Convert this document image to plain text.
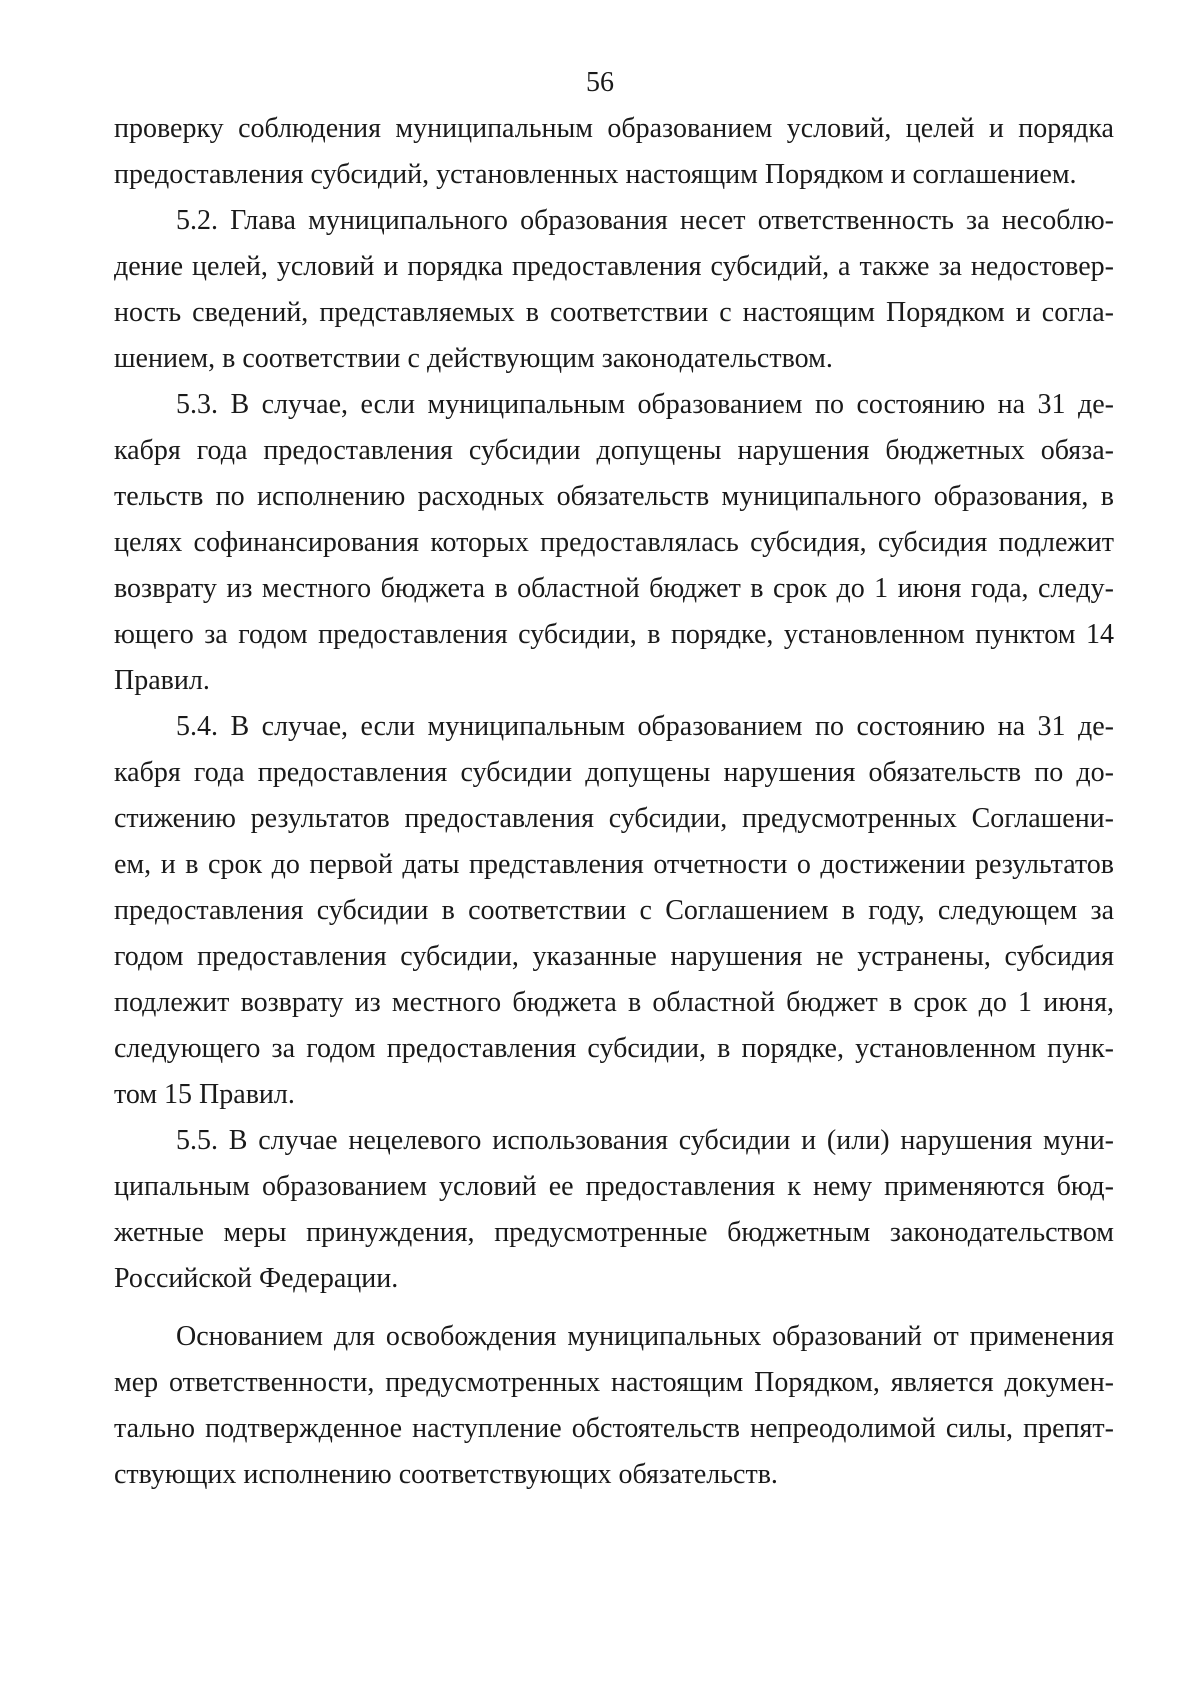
56
проверку соблюдения муниципальным образованием условий, целей и порядка
предоставления субсидий, установленных настоящим Порядком и соглашением.
5.2. Глава муниципального образования несет ответственность за несоблю-
дение целей, условий и порядка предоставления субсидий, а также за недостовер-
ность сведений, представляемых в соответствии с настоящим Порядком и согла-
шением, в соответствии с действующим законодательством.
5.3. В случае, если муниципальным образованием по состоянию на 31 де-
кабря года предоставления субсидии допущены нарушения бюджетных обяза-
тельств по исполнению расходных обязательств муниципального образования, в
целях софинансирования которых предоставлялась субсидия, субсидия подлежит
возврату из местного бюджета в областной бюджет в срок до 1 июня года, следу-
ющего за годом предоставления субсидии, в порядке, установленном пунктом 14
Правил.
5.4. В случае, если муниципальным образованием по состоянию на 31 де-
кабря года предоставления субсидии допущены нарушения обязательств по до-
стижению результатов предоставления субсидии, предусмотренных Соглашени-
ем, и в срок до первой даты представления отчетности о достижении результатов
предоставления субсидии в соответствии с Соглашением в году, следующем за
годом предоставления субсидии, указанные нарушения не устранены, субсидия
подлежит возврату из местного бюджета в областной бюджет в срок до 1 июня,
следующего за годом предоставления субсидии, в порядке, установленном пунк-
том 15 Правил.
5.5. В случае нецелевого использования субсидии и (или) нарушения муни-
ципальным образованием условий ее предоставления к нему применяются бюд-
жетные меры принуждения, предусмотренные бюджетным законодательством
Российской Федерации.
Основанием для освобождения муниципальных образований от применения
мер ответственности, предусмотренных настоящим Порядком, является докумен-
тально подтвержденное наступление обстоятельств непреодолимой силы, препят-
ствующих исполнению соответствующих обязательств.
